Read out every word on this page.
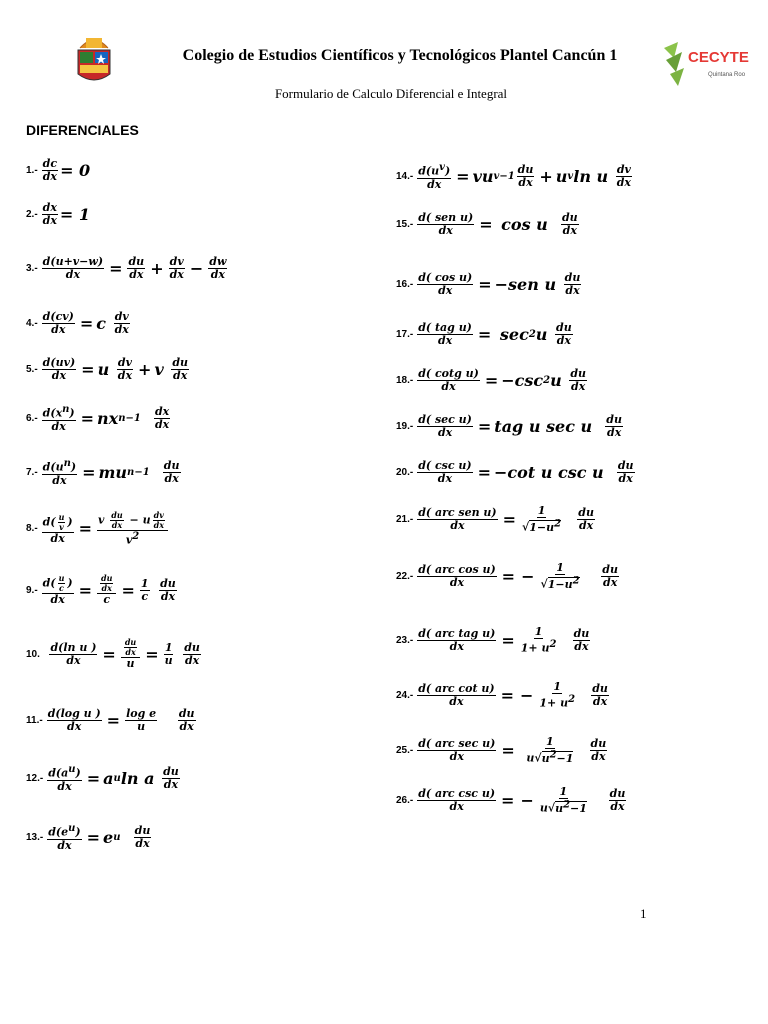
Colegio de Estudios Científicos y Tecnológicos Plantel Cancún 1	CECYTE
Quintana Roo
Formulario de Calculo Diferencial e Integral
DIFERENCIALES
$1.- \frac{dc}{dx} = 0$
$2.- \frac{dx}{dx} = 1$
$3.- \frac{d(u+v-w)}{dx} = \frac{du}{dx} + \frac{dv}{dx} - \frac{dw}{dx}$
$4.- \frac{d(cv)}{dx} = c$
dv
dx
$5.- \frac{d(uv)}{dx} = u$
dv
dx + v
du
dx
$6.- \frac{d(x^n)}{dx}$ = nx n−1

dx
dx
$7.- \frac{d(u^n)}{dx}$ = mu n−1

du
dx
$8.- \frac{d( \frac{u}{v} )}{dx} = v \frac{du}{dx} - u \frac{dv}{dx}$
$v^2$
$9.- \frac{d( \frac{u}{c} )}{dx} = \frac{du}{dx}$
$c = \frac{1}{c}$
du
dx
10.
$\frac{\text{d(ln u )}}{dx} = \frac{du}{dx}$
$u = \frac{1}{u}$
du
dx
$11.- \frac{\text{d(log u )}}{dx} = \frac{\text{log e}}{u}$
du
dx
$12.- \frac{d(a^u)}{dx} = a$ u ln a
du
dx
$13.- \frac{d(e^u)}{dx} = e$ u

du
dx
$14.- \frac{d(u^v)}{dx}$ = vu v−1
du
dx + u v ln u
dv
dx
15.-
d( sen u)
dx =
cos u
du
dx
$16.- \frac{\text{d( cos u)}}{dx} = -sen$ u
du
dx
17.-
d( tag u)
dx =
sec 2 u
du
dx
$18.- \frac{\text{d( cotg u)}}{dx} = -\csc$ 2 u
du
dx
19.-
d( sec u)
dx = tag u sec u
du
dx
20.-
d( csc u)
dx = −cot u csc u
du
dx
21.-
d( arc sen u)
dx = $\frac{1}{√1-u^2}$
du
dx
22.-
d( arc cos u)
dx = − $\frac{1}{√1-u^2}$
du
dx
23.-
d( arc tag u)
dx = $\frac{1}{1+ u^2}$
du
dx
24.-
d( arc cot u)
dx = − $\frac{1}{1+ u^2}$
du
dx
25.-
d( arc sec u)
dx =
$\frac{1}{u√u^2-1}$
du
dx
26.-
d( arc csc u)
dx = − $\frac{1}{u√u^2-1}$
du
dx
1
